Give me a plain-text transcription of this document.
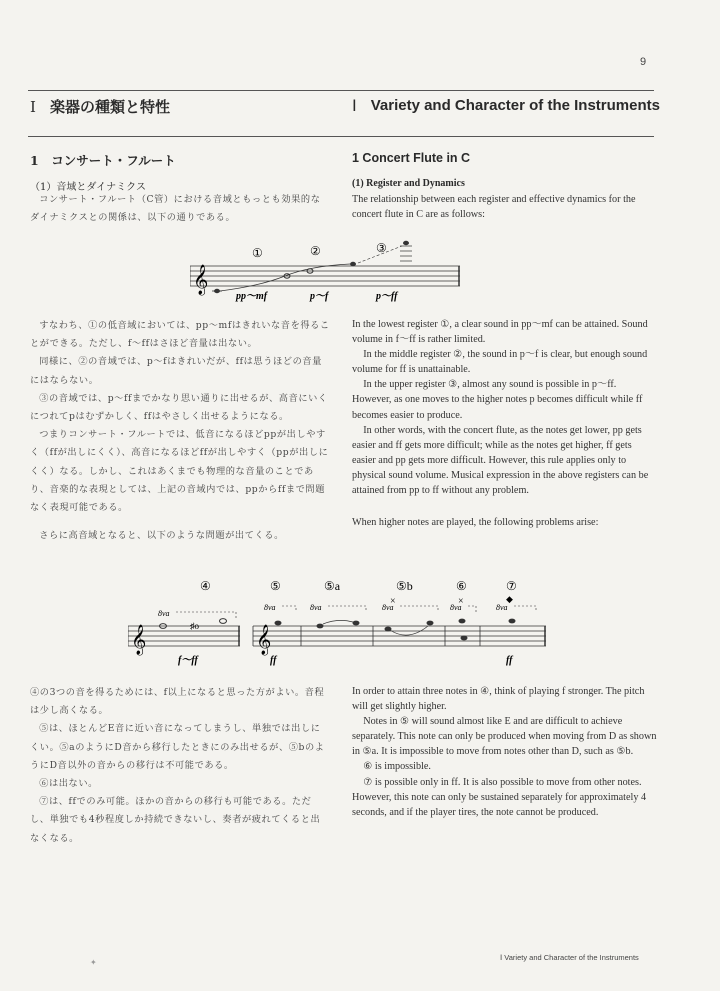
9
Ⅰ 楽器の種類と特性	Ⅰ Variety and Character of the Instruments
1　コンサート・フルート	1 Concert Flute in C
（1）音域とダイナミクス	(1) Register and Dynamics

コンサート・フルート（C管）における音域ともっとも効果的なダイナミクスとの関係は、以下の通りである。

The relationship between each register and effective dynamics for the concert flute in C are as follows:

𝄞
①	②	③
pp～mf	p～f	p～ff

すなわち、①の低音域においては、pp～mfはきれいな音を得ることができる。ただし、f～ffはさほど音量は出ない。

同様に、②の音域では、p～fはきれいだが、ffは思うほどの音量にはならない。

③の音域では、p～ffまでかなり思い通りに出せるが、高音にいくにつれてpはむずかしく、ffはやさしく出せるようになる。

つまりコンサート・フルートでは、低音になるほどppが出しやすく（ffが出しにくく）、高音になるほどffが出しやすく（ppが出しにくく）なる。しかし、これはあくまでも物理的な音量のことであり、音楽的な表現としては、上記の音域内では、ppからffまで問題なく表現可能である。

In the lowest register ①, a clear sound in pp～mf can be attained. Sound volume in f～ff is rather limited.

In the middle register ②, the sound in p～f is clear, but enough sound volume for ff is unattainable.

In the upper register ③, almost any sound is possible in p～ff. However, as one moves to the higher notes p becomes difficult while ff becomes easier to produce.

In other words, with the concert flute, as the notes get lower, pp gets easier and ff gets more difficult; while as the notes get higher, ff gets easier and pp gets more difficult. However, this rule applies only to physical sound volume. Musical expression in the above registers can be attained from pp to ff without any problem.

さらに高音域となると、以下のような問題が出てくる。

When higher notes are played, the following problems arise:

𝄞	𝄞
④	⑤	⑤a	⑤b	⑥	⑦
8va
8va	8va	8va	8va	8va
♯o
×	×	◆
f～ff	ff	ff

④の3つの音を得るためには、f以上になると思った方がよい。音程は少し高くなる。

⑤は、ほとんどE音に近い音になってしまうし、単独では出しにくい。⑤aのようにD音から移行したときにのみ出せるが、⑤bのようにD音以外の音からの移行は不可能である。

⑥は出ない。

⑦は、ffでのみ可能。ほかの音からの移行も可能である。ただし、単独でも4秒程度しか持続できないし、奏者が疲れてくると出なくなる。

In order to attain three notes in ④, think of playing f stronger. The pitch will get slightly higher.

Notes in ⑤ will sound almost like E and are difficult to achieve separately. This note can only be produced when moving from D as shown in ⑤a. It is impossible to move from notes other than D, such as ⑤b.

⑥ is impossible.

⑦ is possible only in ff. It is also possible to move from other notes. However, this note can only be sustained separately for approximately 4 seconds, and if the player tires, the note cannot be produced.

✦
Ⅰ Variety and Character of the Instruments
